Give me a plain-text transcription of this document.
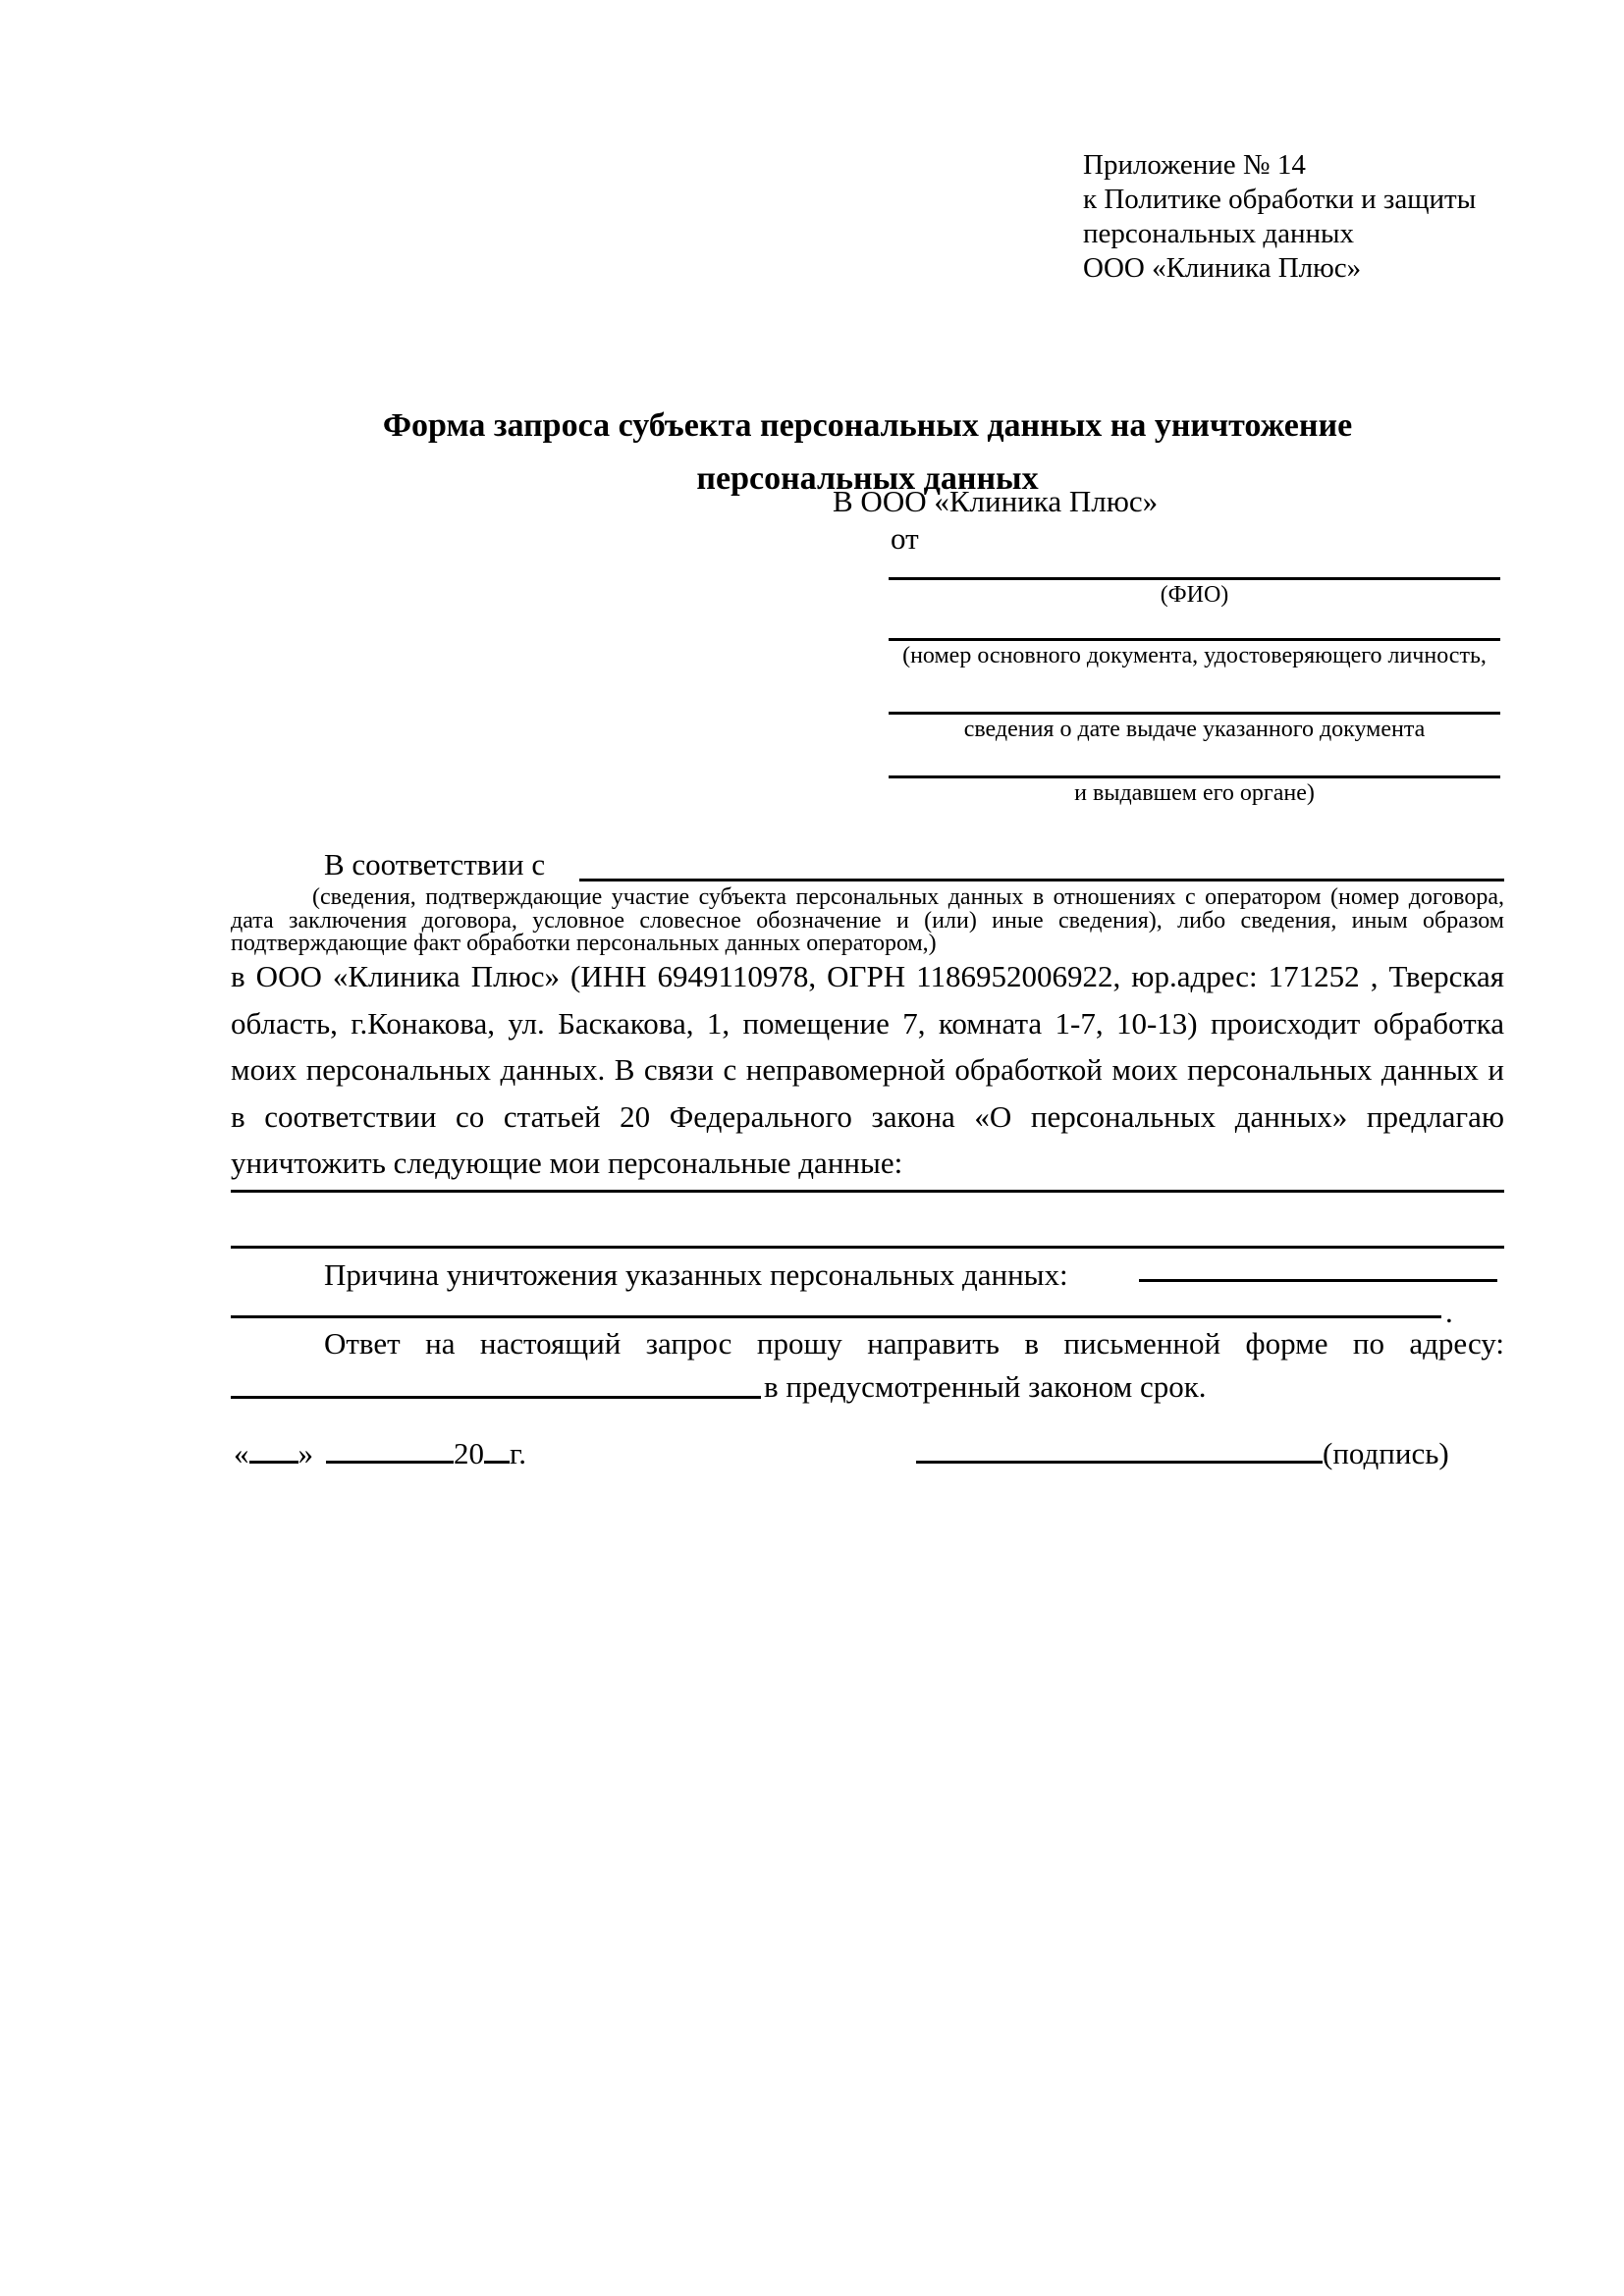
Приложение № 14
к Политике обработки и защиты
персональных данных
ООО «Клиника Плюс»
Форма запроса субъекта персональных данных на уничтожение
персональных данных
В ООО «Клиника Плюс»
от
(ФИО)
(номер основного документа, удостоверяющего личность,
сведения о дате выдаче указанного документа
и выдавшем его органе)
В соответствии с
(сведения, подтверждающие участие субъекта персональных данных в отношениях с оператором (номер договора, дата заключения договора, условное словесное обозначение и (или) иные сведения), либо сведения, иным образом подтверждающие факт обработки персональных данных оператором,)
в ООО «Клиника Плюс» (ИНН 6949110978, ОГРН 1186952006922, юр.адрес: 171252 , Тверская область, г.Конакова, ул. Баскакова, 1, помещение 7, комната 1-7, 10-13) происходит обработка моих персональных данных. В связи с неправомерной обработкой моих персональных данных и в соответствии со статьей 20 Федерального закона «О персональных данных» предлагаю уничтожить следующие мои персональные данные:
Причина уничтожения указанных персональных данных:
.
Ответ на настоящий запрос прошу направить в письменной форме по адресу:
в предусмотренный законом срок.
« »	20 г.	(подпись)
